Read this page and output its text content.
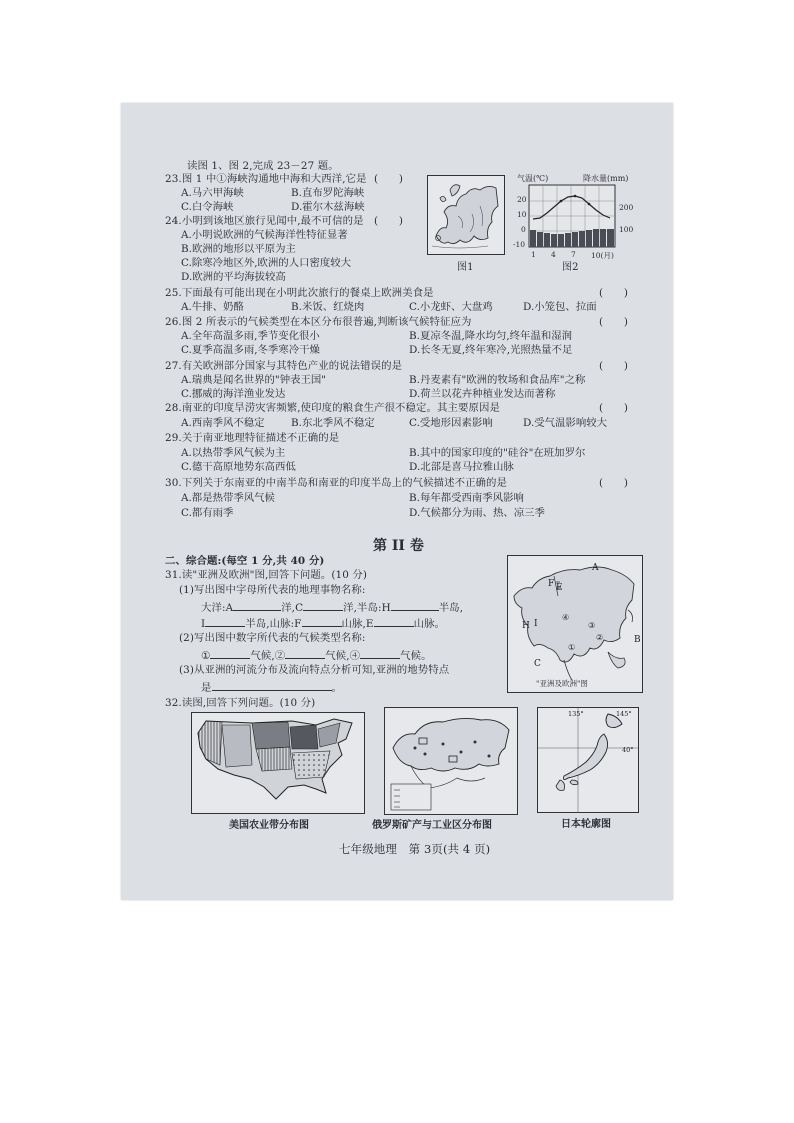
读图 1、图 2,完成 23－27 题。
23.图 1 中①海峡沟通地中海和大西洋,它是 (　　)
A.马六甲海峡	B.直布罗陀海峡
C.白令海峡	D.霍尔木兹海峡
24.小明到该地区旅行见闻中,最不可信的是 (　　)
A.小明说欧洲的气候海洋性特征显著
B.欧洲的地形以平原为主
C.除寒冷地区外,欧洲的人口密度较大
D.欧洲的平均海拔较高
图1
气温(℃)	降水量(mm)
20
10
0
-10
200
100
1 4 7 10(月)
图2
25.下面最有可能出现在小明此次旅行的餐桌上欧洲美食是	(　　)
A.牛排、奶酪	B.米饭、红烧肉	C.小龙虾、大盘鸡	D.小笼包、拉面
26.图 2 所表示的气候类型在本区分布很普遍,判断该气候特征应为	(　　)
A.全年高温多雨,季节变化很小	B.夏凉冬温,降水均匀,终年温和湿润
C.夏季高温多雨,冬季寒冷干燥	D.长冬无夏,终年寒冷,光照热量不足
27.有关欧洲部分国家与其特色产业的说法错误的是	(　　)
A.瑞典是闻名世界的"钟表王国"	B.丹麦素有"欧洲的牧场和食品库"之称
C.挪威的海洋渔业发达	D.荷兰以花卉种植业发达而著称
28.南亚的印度旱涝灾害频繁,使印度的粮食生产很不稳定。其主要原因是	(　　)
A.西南季风不稳定	B.东北季风不稳定	C.受地形因素影响	D.受气温影响较大
29.关于南亚地理特征描述不正确的是
A.以热带季风气候为主	B.其中的国家印度的"硅谷"在班加罗尔
C.德干高原地势东高西低	D.北部是喜马拉雅山脉
30.下列关于东南亚的中南半岛和南亚的印度半岛上的气候描述不正确的是	(　　)
A.都是热带季风气候	B.每年都受西南季风影响
C.都有雨季	D.气候都分为雨、热、凉三季
第 II 卷
二、综合题:(每空 1 分,共 40 分)
31.读"亚洲及欧洲"图,回答下问题。(10 分)
(1)写出图中字母所代表的地理事物名称:
大洋:A	洋,C	洋,半岛:H	半岛,
I	半岛,山脉:F	山脉,E	山脉。
(2)写出图中数字所代表的气候类型名称:
①	气候,②	气候,④	气候。
(3)从亚洲的河流分布及流向特点分析可知,亚洲的地势特点
是	。
A
F E
H I
C
B
④
③
②
①
"亚洲及欧洲"图
32.读图,回答下列问题。(10 分)
美国农业带分布图	俄罗斯矿产与工业区分布图
135°	145°
40°
日本轮廓图
七年级地理　第 3页(共 4 页)
